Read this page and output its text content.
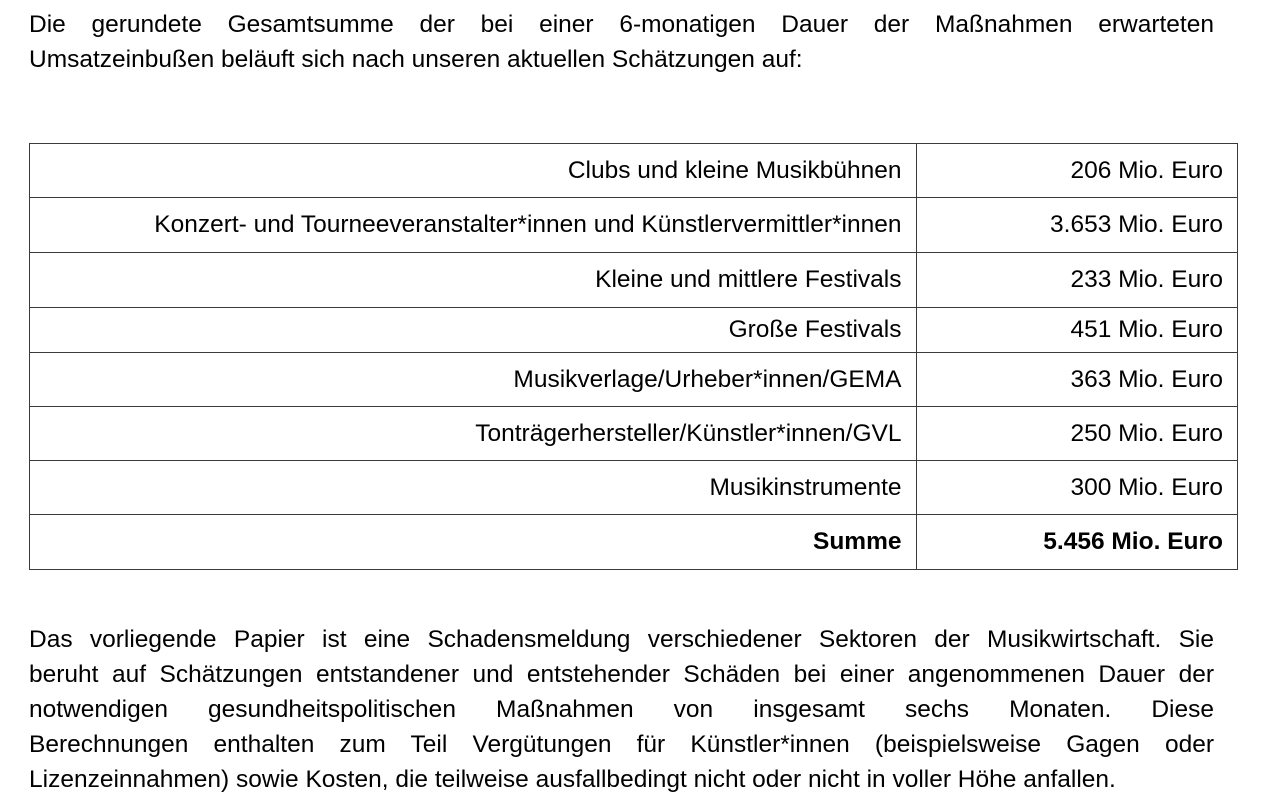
Die gerundete Gesamtsumme der bei einer 6-monatigen Dauer der Maßnahmen erwarteten
Umsatzeinbußen beläuft sich nach unseren aktuellen Schätzungen auf:

Clubs und kleine Musikbühnen	206 Mio. Euro
Konzert- und Tourneeveranstalter*innen und Künstlervermittler*innen	3.653 Mio. Euro
Kleine und mittlere Festivals	233 Mio. Euro
Große Festivals	451 Mio. Euro
Musikverlage/Urheber*innen/GEMA	363 Mio. Euro
Tonträgerhersteller/Künstler*innen/GVL	250 Mio. Euro
Musikinstrumente	300 Mio. Euro
Summe	5.456 Mio. Euro

Das vorliegende Papier ist eine Schadensmeldung verschiedener Sektoren der Musikwirtschaft. Sie
beruht auf Schätzungen entstandener und entstehender Schäden bei einer angenommenen Dauer der
notwendigen gesundheitspolitischen Maßnahmen von insgesamt sechs Monaten. Diese
Berechnungen enthalten zum Teil Vergütungen für Künstler*innen (beispielsweise Gagen oder
Lizenzeinnahmen) sowie Kosten, die teilweise ausfallbedingt nicht oder nicht in voller Höhe anfallen.
